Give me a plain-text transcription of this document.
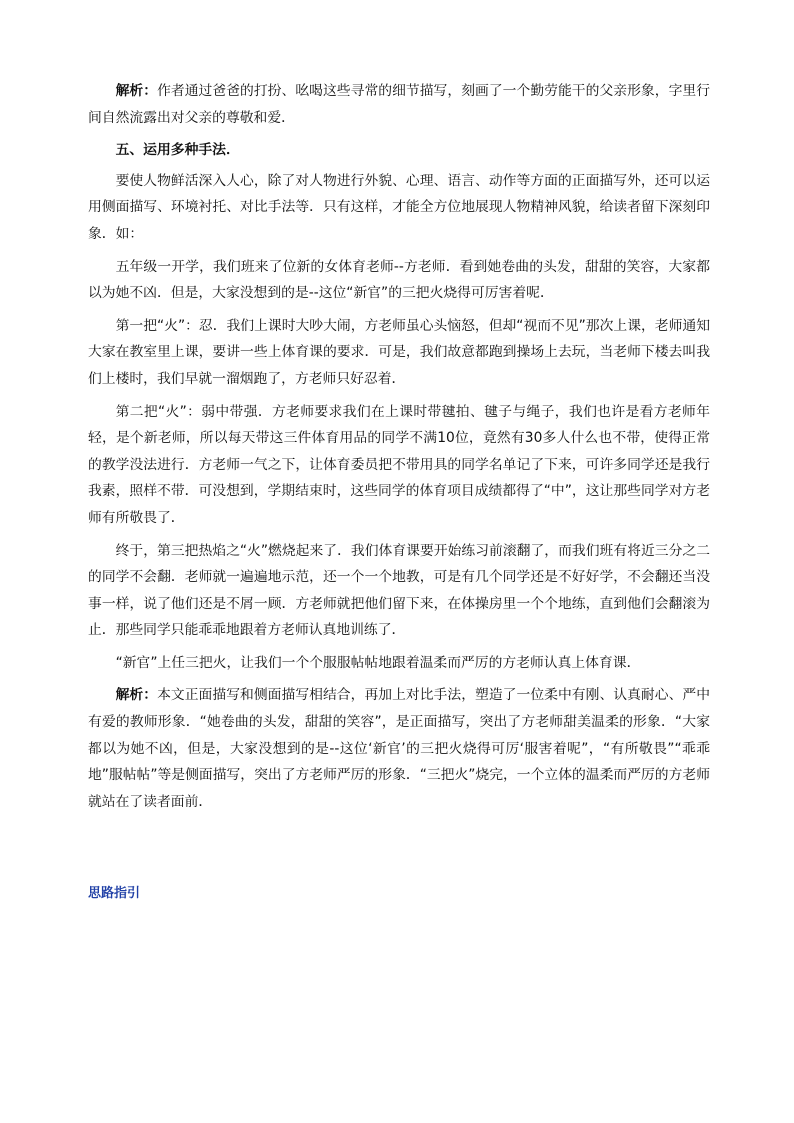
解析：作者通过爸爸的打扮、吆喝这些寻常的细节描写，刻画了一个勤劳能干的父亲形象，字里行间自然流露出对父亲的尊敬和爱．

五、运用多种手法．

要使人物鲜活深入人心，除了对人物进行外貌、心理、语言、动作等方面的正面描写外，还可以运用侧面描写、环境衬托、对比手法等．只有这样，才能全方位地展现人物精神风貌，给读者留下深刻印象．如：

五年级一开学，我们班来了位新的女体育老师--方老师．看到她卷曲的头发，甜甜的笑容，大家都以为她不凶．但是，大家没想到的是--这位“新官”的三把火烧得可厉害着呢．

第一把“火”：忍．我们上课时大吵大闹，方老师虽心头恼怒，但却“视而不见”那次上课，老师通知大家在教室里上课，要讲一些上体育课的要求．可是，我们故意都跑到操场上去玩，当老师下楼去叫我们上楼时，我们早就一溜烟跑了，方老师只好忍着．

第二把“火”：弱中带强．方老师要求我们在上课时带毽拍、毽子与绳子，我们也许是看方老师年轻，是个新老师，所以每天带这三件体育用品的同学不满10位，竟然有30多人什么也不带，使得正常的教学没法进行．方老师一气之下，让体育委员把不带用具的同学名单记了下来，可许多同学还是我行我素，照样不带．可没想到，学期结束时，这些同学的体育项目成绩都得了“中”，这让那些同学对方老师有所敬畏了．

终于，第三把热焰之“火”燃烧起来了．我们体育课要开始练习前滚翻了，而我们班有将近三分之二的同学不会翻．老师就一遍遍地示范，还一个一个地教，可是有几个同学还是不好好学，不会翻还当没事一样，说了他们还是不屑一顾．方老师就把他们留下来，在体操房里一个个地练，直到他们会翻滚为止．那些同学只能乖乖地跟着方老师认真地训练了．

“新官”上任三把火，让我们一个个服服帖帖地跟着温柔而严厉的方老师认真上体育课．

解析：本文正面描写和侧面描写相结合，再加上对比手法，塑造了一位柔中有刚、认真耐心、严中有爱的教师形象．“她卷曲的头发，甜甜的笑容”，是正面描写，突出了方老师甜美温柔的形象．“大家都以为她不凶，但是，大家没想到的是--这位‘新官’的三把火烧得可厉‘服害着呢”，“有所敬畏”“乖乖地”服帖帖”等是侧面描写，突出了方老师严厉的形象．“三把火”烧完，一个立体的温柔而严厉的方老师就站在了读者面前．

思路指引
